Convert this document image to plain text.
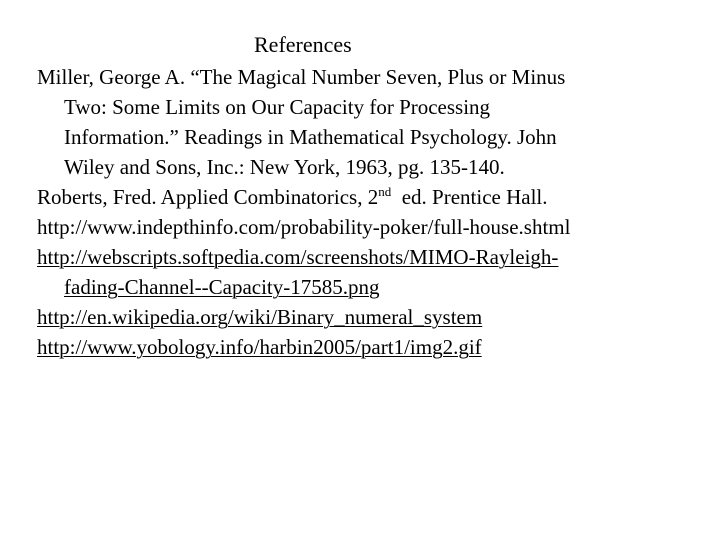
References
Miller, George A. “The Magical Number Seven, Plus or Minus
Two: Some Limits on Our Capacity for Processing
Information.” Readings in Mathematical Psychology. John
Wiley and Sons, Inc.: New York, 1963, pg. 135-140.
Roberts, Fred. Applied Combinatorics, 2nd  ed. Prentice Hall.
http://www.indepthinfo.com/probability-poker/full-house.shtml
http://webscripts.softpedia.com/screenshots/MIMO-Rayleigh-
fading-Channel--Capacity-17585.png
http://en.wikipedia.org/wiki/Binary_numeral_system
http://www.yobology.info/harbin2005/part1/img2.gif
